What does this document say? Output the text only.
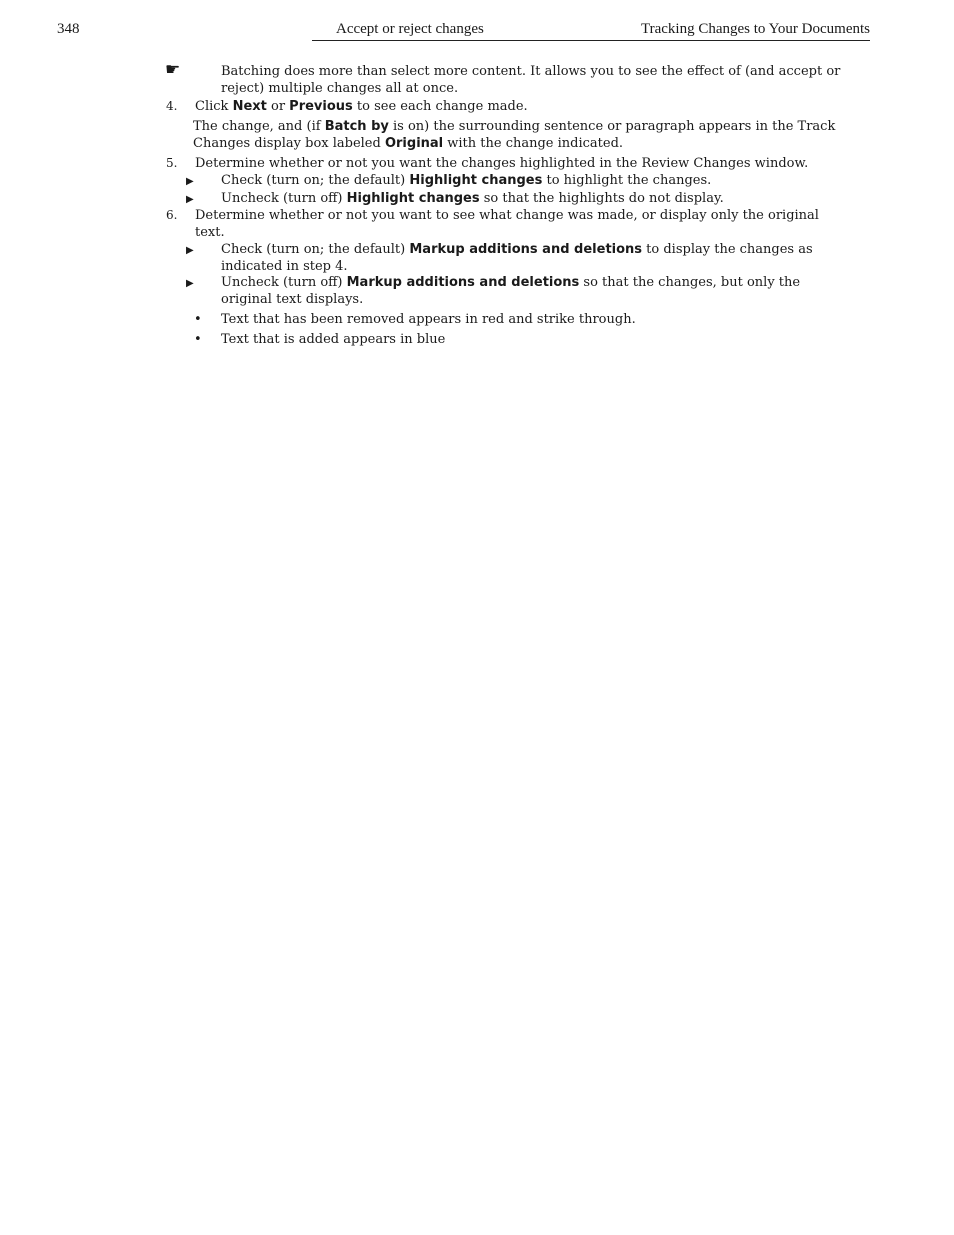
348	Accept or reject changes	Tracking Changes to Your Documents
☛	Batching does more than select more content. It allows you to see the effect of (and accept or reject) multiple changes all at once.
4. Click Next or Previous to see each change made.
The change, and (if Batch by is on) the surrounding sentence or paragraph appears in the Track Changes display box labeled Original with the change indicated.
5. Determine whether or not you want the changes highlighted in the Review Changes window.
▶ Check (turn on; the default) Highlight changes to highlight the changes.
▶ Uncheck (turn off) Highlight changes so that the highlights do not display.
6. Determine whether or not you want to see what change was made, or display only the original text.
▶ Check (turn on; the default) Markup additions and deletions to display the changes as indicated in step 4.
▶ Uncheck (turn off) Markup additions and deletions so that the changes, but only the original text displays.
• Text that has been removed appears in red and strike through.
• Text that is added appears in blue
